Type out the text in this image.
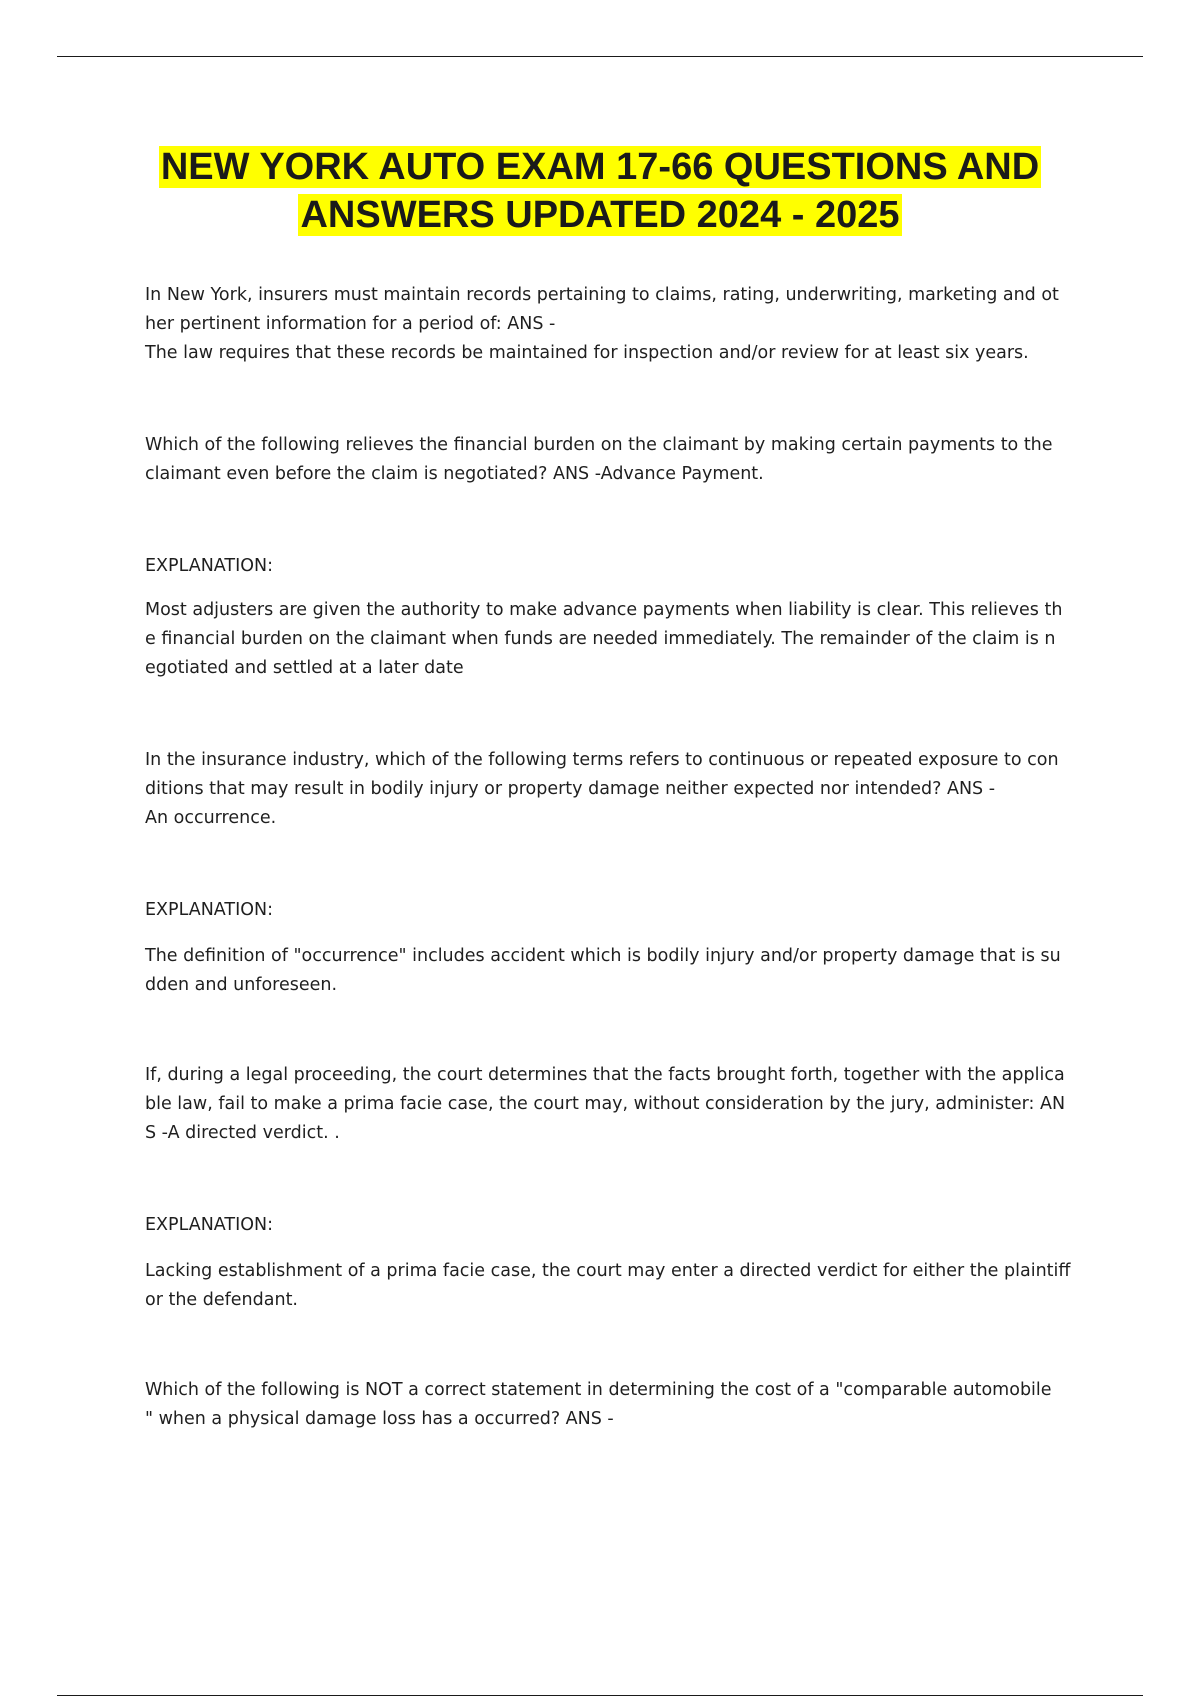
NEW YORK AUTO EXAM 17-66 QUESTIONS AND
ANSWERS UPDATED 2024 - 2025

In New York, insurers must maintain records pertaining to claims, rating, underwriting, marketing and ot
her pertinent information for a period of: ANS -
The law requires that these records be maintained for inspection and/or review for at least six years.

Which of the following relieves the financial burden on the claimant by making certain payments to the
claimant even before the claim is negotiated? ANS -Advance Payment.

EXPLANATION:

Most adjusters are given the authority to make advance payments when liability is clear. This relieves th
e financial burden on the claimant when funds are needed immediately. The remainder of the claim is n
egotiated and settled at a later date

In the insurance industry, which of the following terms refers to continuous or repeated exposure to con
ditions that may result in bodily injury or property damage neither expected nor intended? ANS -
An occurrence.

EXPLANATION:

The definition of "occurrence" includes accident which is bodily injury and/or property damage that is su
dden and unforeseen.

If, during a legal proceeding, the court determines that the facts brought forth, together with the applica
ble law, fail to make a prima facie case, the court may, without consideration by the jury, administer: AN
S -A directed verdict. .

EXPLANATION:

Lacking establishment of a prima facie case, the court may enter a directed verdict for either the plaintiff
or the defendant.

Which of the following is NOT a correct statement in determining the cost of a "comparable automobile
" when a physical damage loss has a occurred? ANS -
